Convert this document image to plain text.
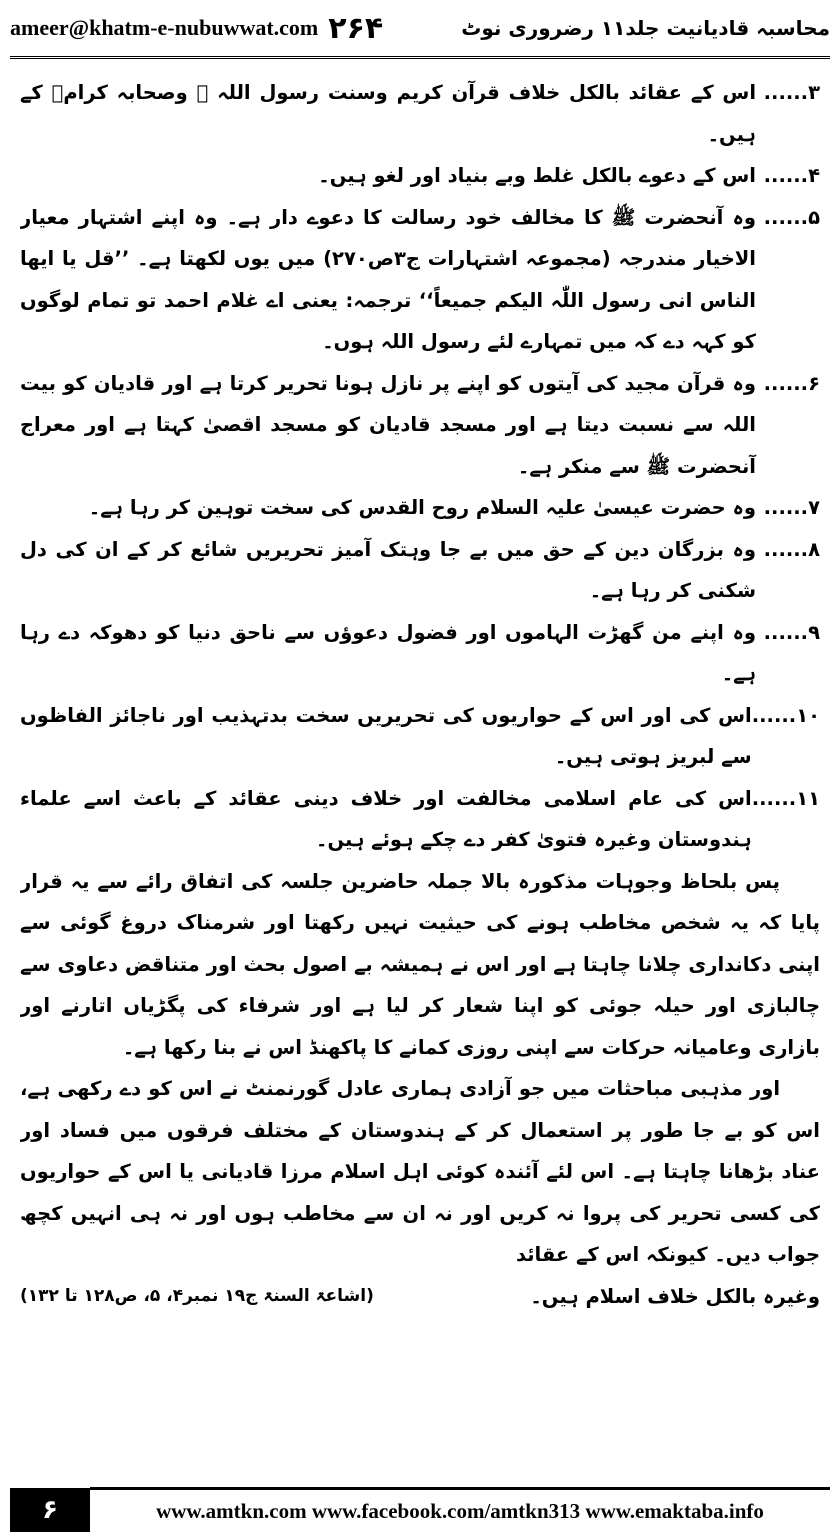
ameer@khatm-e-nubuwwat.com ۲۶۴	محاسبہ قادیانیت جلد۱۱ رضروری نوٹ
۳......
اس کے عقائد بالکل خلاف قرآن کریم وسنت رسول اللہ ﷺ وصحابہ کرامؓ کے ہیں۔
۴......
اس کے دعوے بالکل غلط وبے بنیاد اور لغو ہیں۔
۵......
وہ آنحضرت ﷺ کا مخالف خود رسالت کا دعوے دار ہے۔ وہ اپنے اشتہار معیار الاخیار مندرجہ (مجموعہ اشتہارات ج۳ص۲۷۰) میں یوں لکھتا ہے۔ ’’قل یا ایھا الناس انی رسول اللّٰہ الیکم جمیعاً‘‘ ترجمہ: یعنی اے غلام احمد تو تمام لوگوں کو کہہ دے کہ میں تمہارے لئے رسول اللہ ہوں۔
۶......
وہ قرآن مجید کی آیتوں کو اپنے پر نازل ہونا تحریر کرتا ہے اور قادیان کو بیت اللہ سے نسبت دیتا ہے اور مسجد قادیان کو مسجد اقصیٰ کہتا ہے اور معراج آنحضرت ﷺ سے منکر ہے۔
۷......
وہ حضرت عیسیٰ علیہ السلام روح القدس کی سخت توہین کر رہا ہے۔
۸......
وہ بزرگان دین کے حق میں بے جا وہتک آمیز تحریریں شائع کر کے ان کی دل شکنی کر رہا ہے۔
۹......
وہ اپنے من گھڑت الہاموں اور فضول دعوؤں سے ناحق دنیا کو دھوکہ دے رہا ہے۔
۱۰......
اس کی اور اس کے حواریوں کی تحریریں سخت بدتہذیب اور ناجائز الفاظوں سے لبریز ہوتی ہیں۔
۱۱......
اس کی عام اسلامی مخالفت اور خلاف دینی عقائد کے باعث اسے علماء ہندوستان وغیرہ فتویٰ کفر دے چکے ہوئے ہیں۔
پس بلحاظ وجوہات مذکورہ بالا جملہ حاضرین جلسہ کی اتفاق رائے سے یہ قرار پایا کہ یہ شخص مخاطب ہونے کی حیثیت نہیں رکھتا اور شرمناک دروغ گوئی سے اپنی دکانداری چلانا چاہتا ہے اور اس نے ہمیشہ بے اصول بحث اور متناقض دعاوی سے چالبازی اور حیلہ جوئی کو اپنا شعار کر لیا ہے اور شرفاء کی پگڑیاں اتارنے اور بازاری وعامیانہ حرکات سے اپنی روزی کمانے کا پاکھنڈ اس نے بنا رکھا ہے۔
اور مذہبی مباحثات میں جو آزادی ہماری عادل گورنمنٹ نے اس کو دے رکھی ہے، اس کو بے جا طور پر استعمال کر کے ہندوستان کے مختلف فرقوں میں فساد اور عناد بڑھانا چاہتا ہے۔ اس لئے آئندہ کوئی اہل اسلام مرزا قادیانی یا اس کے حواریوں کی کسی تحریر کی پروا نہ کریں اور نہ ان سے مخاطب ہوں اور نہ ہی انہیں کچھ جواب دیں۔ کیونکہ اس کے عقائد
وغیرہ بالکل خلاف اسلام ہیں۔
(اشاعۃ السنۃ ج۱۹ نمبر۴، ۵، ص۱۲۸ تا ۱۳۲)
۶	www.amtkn.com www.facebook.com/amtkn313 www.emaktaba.info
